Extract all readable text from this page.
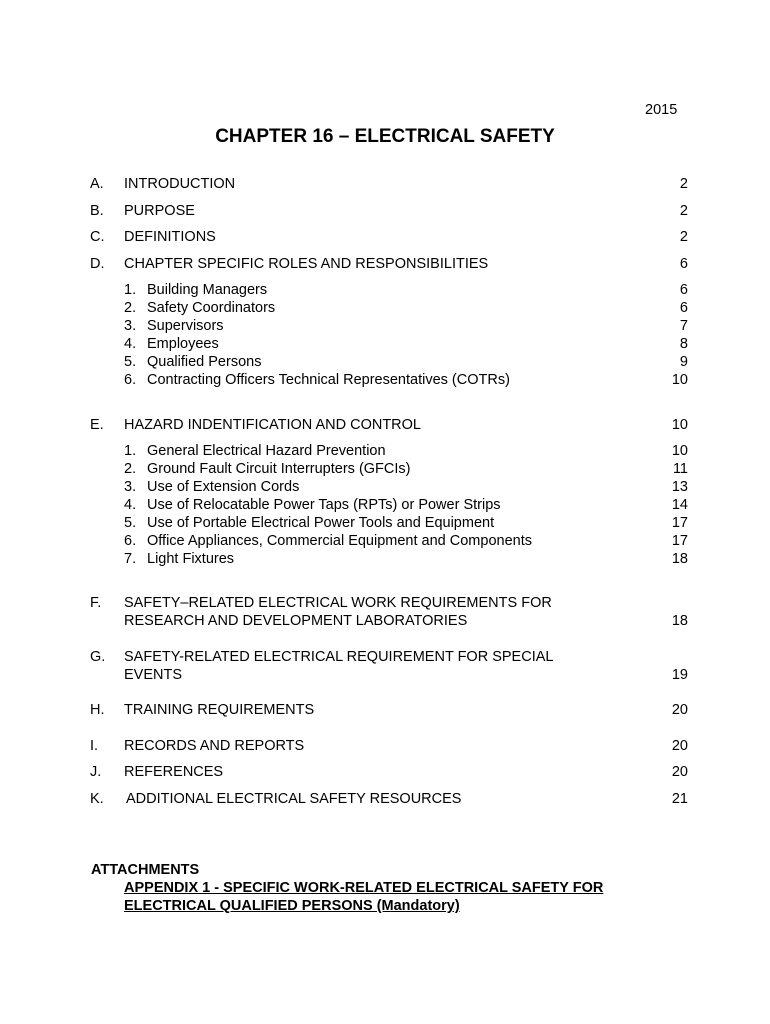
2015
CHAPTER 16 – ELECTRICAL SAFETY
A. INTRODUCTION	2
B. PURPOSE	2
C. DEFINITIONS	2
D. CHAPTER SPECIFIC ROLES AND RESPONSIBILITIES	6
1. Building Managers	6
2. Safety Coordinators	6
3. Supervisors	7
4. Employees	8
5. Qualified Persons	9
6. Contracting Officers Technical Representatives (COTRs)	10
E. HAZARD INDENTIFICATION AND CONTROL	10
1. General Electrical Hazard Prevention	10
2. Ground Fault Circuit Interrupters (GFCIs)	11
3. Use of Extension Cords	13
4. Use of Relocatable Power Taps (RPTs) or Power Strips	14
5. Use of Portable Electrical Power Tools and Equipment	17
6. Office Appliances, Commercial Equipment and Components	17
7. Light Fixtures	18
F. SAFETY–RELATED ELECTRICAL WORK REQUIREMENTS FOR
RESEARCH AND DEVELOPMENT LABORATORIES	18
G. SAFETY-RELATED ELECTRICAL REQUIREMENT FOR SPECIAL
EVENTS	19
H. TRAINING REQUIREMENTS	20
I. RECORDS AND REPORTS	20
J. REFERENCES	20
K. ADDITIONAL ELECTRICAL SAFETY RESOURCES	21
ATTACHMENTS
APPENDIX 1 - SPECIFIC WORK-RELATED ELECTRICAL SAFETY FOR
ELECTRICAL QUALIFIED PERSONS (Mandatory)
